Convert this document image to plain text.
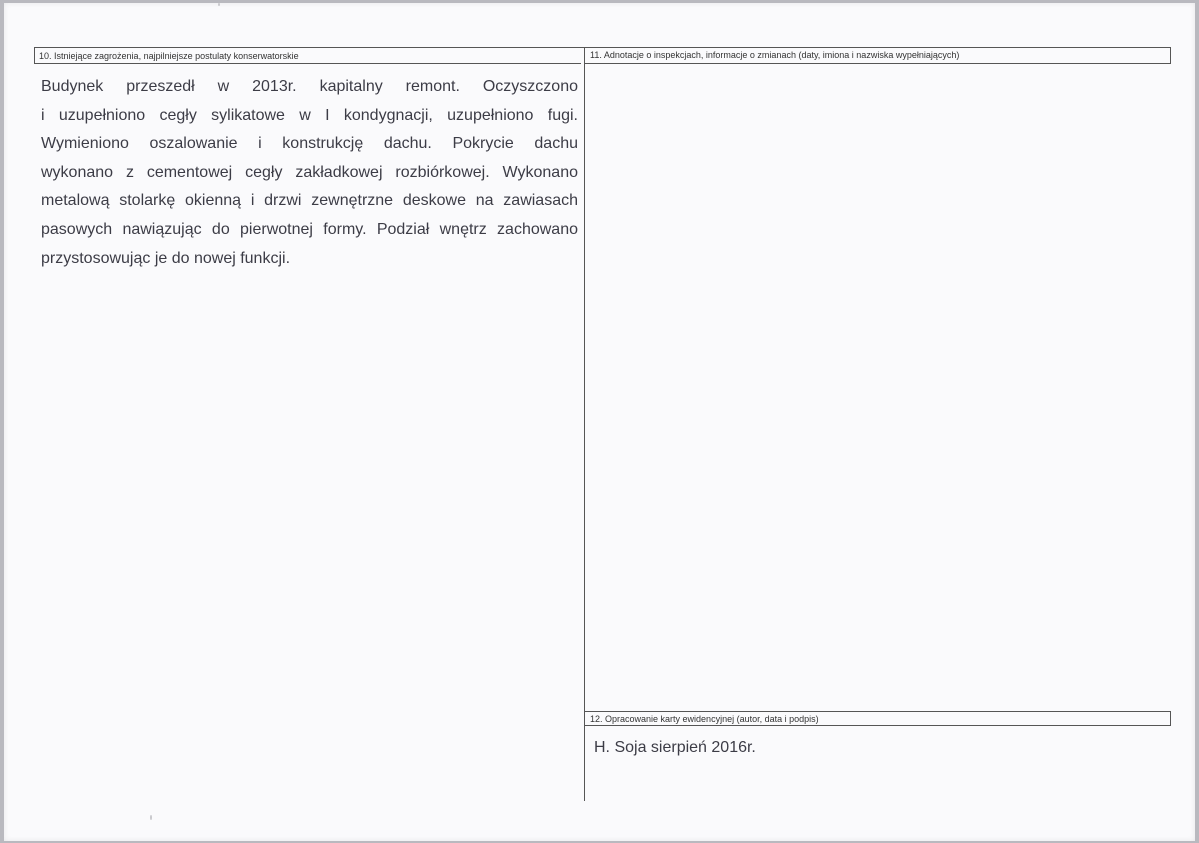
10. Istniejące zagrożenia, najpilniejsze postulaty konserwatorskie	11. Adnotacje o inspekcjach, informacje o zmianach (daty, imiona i nazwiska wypełniających)
12. Opracowanie karty ewidencyjnej (autor, data i podpis)
Budynek przeszedł w 2013r. kapitalny remont. Oczyszczono
i uzupełniono cegły sylikatowe w I kondygnacji, uzupełniono fugi.
Wymieniono oszalowanie i konstrukcję dachu. Pokrycie dachu
wykonano z cementowej cegły zakładkowej rozbiórkowej. Wykonano
metalową stolarkę okienną i drzwi zewnętrzne deskowe na zawiasach
pasowych nawiązując do pierwotnej formy. Podział wnętrz zachowano
przystosowując je do nowej funkcji.
H. Soja sierpień 2016r.
